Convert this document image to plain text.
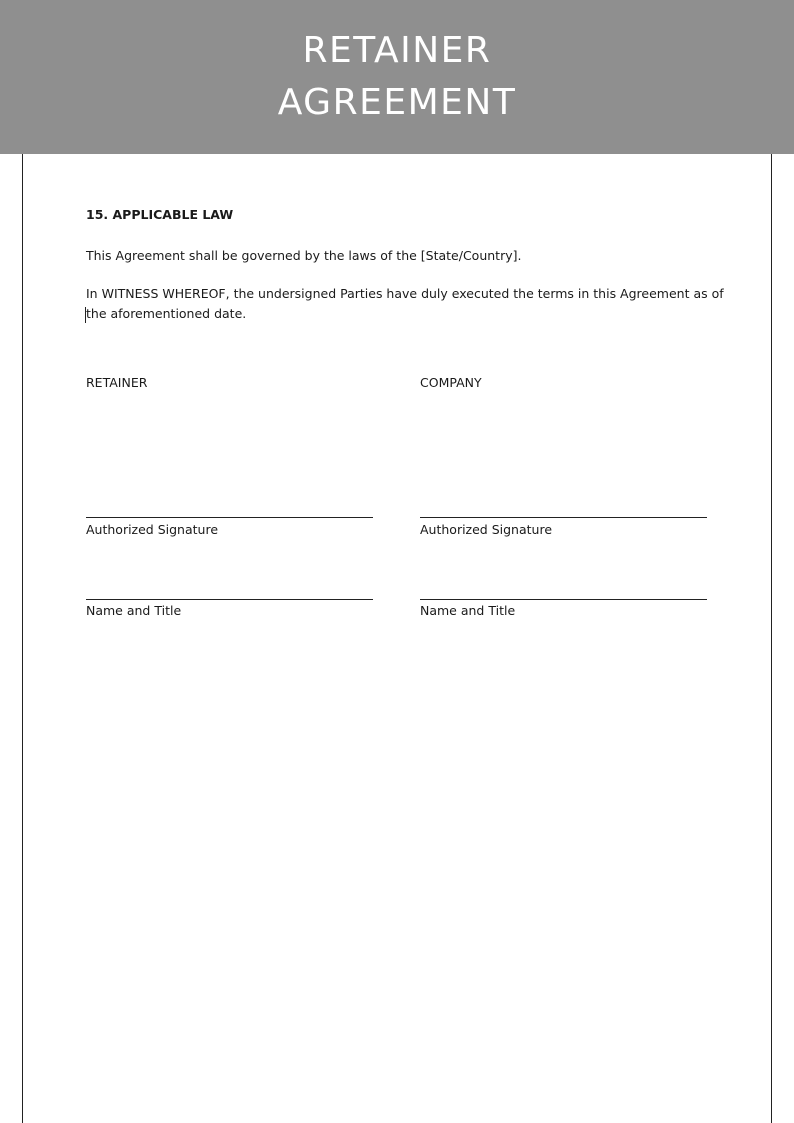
RETAINER
AGREEMENT
15. APPLICABLE LAW

This Agreement shall be governed by the laws of the [State/Country].

In WITNESS WHEREOF, the undersigned Parties have duly executed the terms in this Agreement as of the aforementioned date.

RETAINER	COMPANY
Authorized Signature	Authorized Signature
Name and Title	Name and Title
